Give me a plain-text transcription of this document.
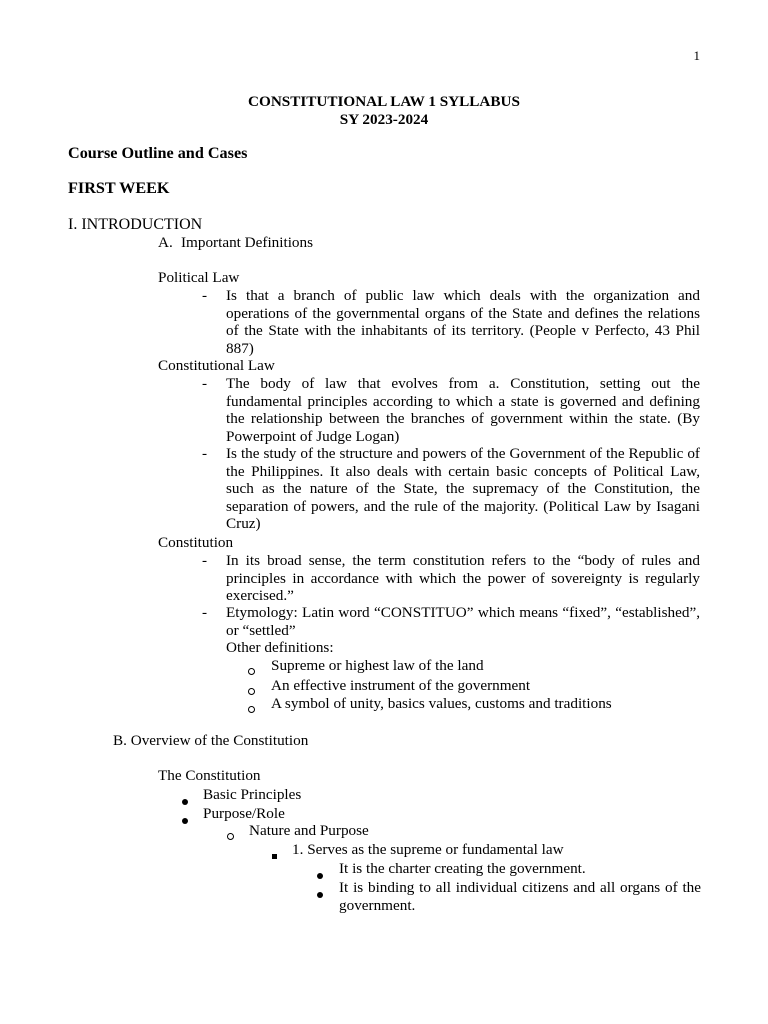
1
CONSTITUTIONAL LAW 1 SYLLABUS
SY 2023-2024
Course Outline and Cases
FIRST WEEK
I. INTRODUCTION
A. Important Definitions
Political Law
- Is that a branch of public law which deals with the organization and operations of the governmental organs of the State and defines the relations of the State with the inhabitants of its territory. (People v Perfecto, 43 Phil 887)
Constitutional Law
- The body of law that evolves from a. Constitution, setting out the fundamental principles according to which a state is governed and defining the relationship between the branches of government within the state. (By Powerpoint of Judge Logan)
- Is the study of the structure and powers of the Government of the Republic of the Philippines. It also deals with certain basic concepts of Political Law, such as the nature of the State, the supremacy of the Constitution, the separation of powers, and the rule of the majority. (Political Law by Isagani Cruz)
Constitution
- In its broad sense, the term constitution refers to the “body of rules and principles in accordance with which the power of sovereignty is regularly exercised.”
- Etymology: Latin word “CONSTITUO” which means “fixed”, “established”, or “settled”
Other definitions:
Supreme or highest law of the land
An effective instrument of the government
A symbol of unity, basics values, customs and traditions
B. Overview of the Constitution
The Constitution
Basic Principles
Purpose/Role
Nature and Purpose
1. Serves as the supreme or fundamental law
It is the charter creating the government.
It is binding to all individual citizens and all organs of the government.
